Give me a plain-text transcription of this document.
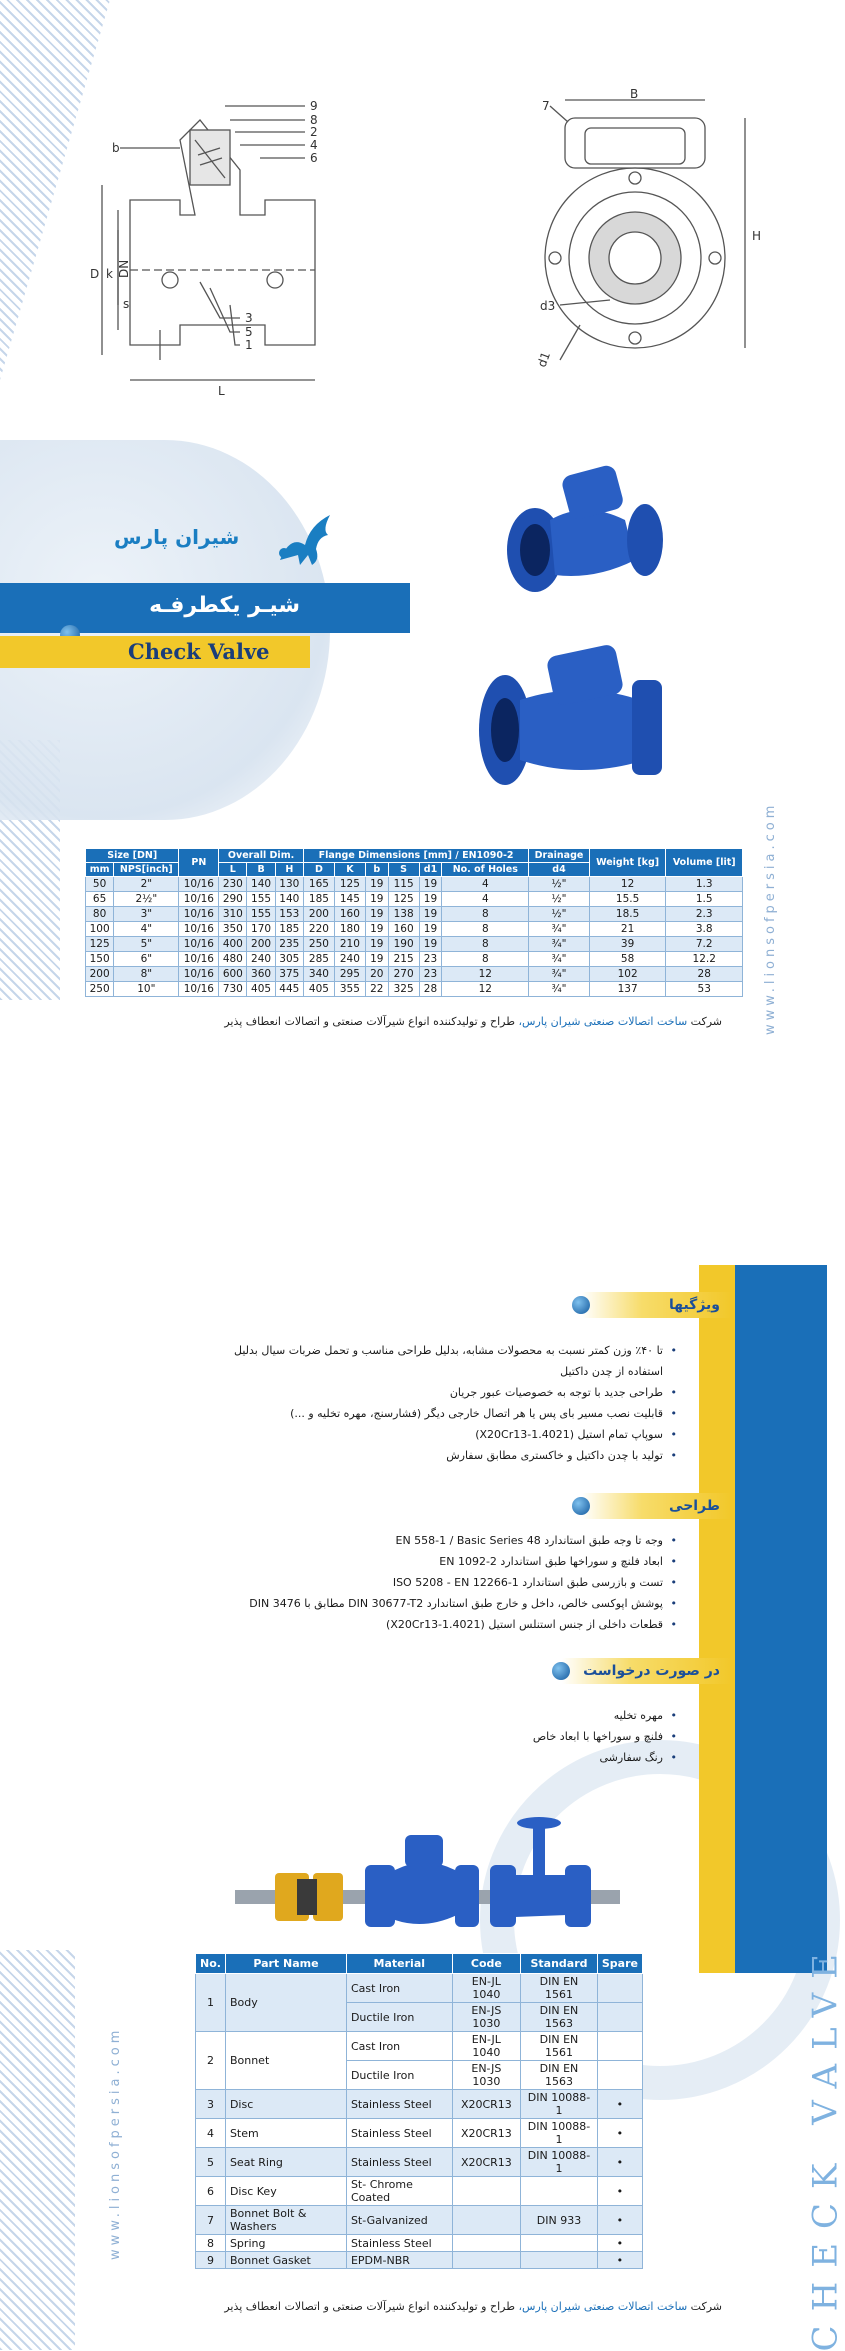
b
D k DN
s
L
9
8
2
4
6
3
5
1
B
H
7
d3
d1
شیران پارس
شیـر یکطرفـه
Check Valve
Size [DN]		PN	Overall Dim.			Flange Dimensions [mm] / EN1090-2						Drainage	Weight [kg]	Volume [lit]
mm	NPS[inch]		L	B	H	D	K	b	S	d1	No. of Holes	d4		
50	2"	10/16	230	140	130	165	125	19	115	19	4	½"	12	1.3
65	2½"	10/16	290	155	140	185	145	19	125	19	4	½"	15.5	1.5
80	3"	10/16	310	155	153	200	160	19	138	19	8	½"	18.5	2.3
100	4"	10/16	350	170	185	220	180	19	160	19	8	¾"	21	3.8
125	5"	10/16	400	200	235	250	210	19	190	19	8	¾"	39	7.2
150	6"	10/16	480	240	305	285	240	19	215	23	8	¾"	58	12.2
200	8"	10/16	600	360	375	340	295	20	270	23	12	¾"	102	28
250	10"	10/16	730	405	445	405	355	22	325	28	12	¾"	137	53
شرکت ساخت اتصالات صنعتی شیران پارس، طراح و تولیدکننده انواع شیرآلات صنعتی و اتصالات انعطاف پذیر	www.lionsofpersia.com
CHECK VALVE
ویژگیها
• تا ۴۰٪ وزن کمتر نسبت به محصولات مشابه، بدلیل طراحی مناسب و تحمل ضربات سیال بدلیل استفاده از چدن داکتیل
• طراحی جدید با توجه به خصوصیات عبور جریان
• قابلیت نصب مسیر بای پس یا هر اتصال خارجی دیگر (فشارسنج، مهره تخلیه و ...)
• سوپاپ تمام استیل (X20Cr13-1.4021)
• تولید با چدن داکتیل و خاکستری مطابق سفارش
طراحی
• وجه تا وجه طبق استاندارد EN 558-1 / Basic Series 48
• ابعاد فلنچ و سوراخها طبق استاندارد EN 1092-2
• تست و بازرسی طبق استاندارد ISO 5208 - EN 12266-1
• پوشش اپوکسی خالص، داخل و خارج طبق استاندارد DIN 30677-T2 مطابق با DIN 3476
• قطعات داخلی از جنس استنلس استیل (X20Cr13-1.4021)
در صورت درخواست
• مهره تخلیه
• فلنچ و سوراخها با ابعاد خاص
• رنگ سفارشی
No.	Part Name	Material	Code	Standard	Spare
1	Body	Cast Iron	EN-JL 1040	DIN EN 1561	
		Ductile Iron	EN-JS 1030	DIN EN 1563	
2	Bonnet	Cast Iron	EN-JL 1040	DIN EN 1561	
		Ductile Iron	EN-JS 1030	DIN EN 1563	
3	Disc	Stainless Steel	X20CR13	DIN 10088-1	•
4	Stem	Stainless Steel	X20CR13	DIN 10088-1	•
5	Seat Ring	Stainless Steel	X20CR13	DIN 10088-1	•
6	Disc Key	St- Chrome Coated			•
7	Bonnet Bolt & Washers	St-Galvanized		DIN 933	•
8	Spring	Stainless Steel			•
9	Bonnet Gasket	EPDM-NBR			•
شرکت ساخت اتصالات صنعتی شیران پارس، طراح و تولیدکننده انواع شیرآلات صنعتی و اتصالات انعطاف پذیر
www.lionsofpersia.com
